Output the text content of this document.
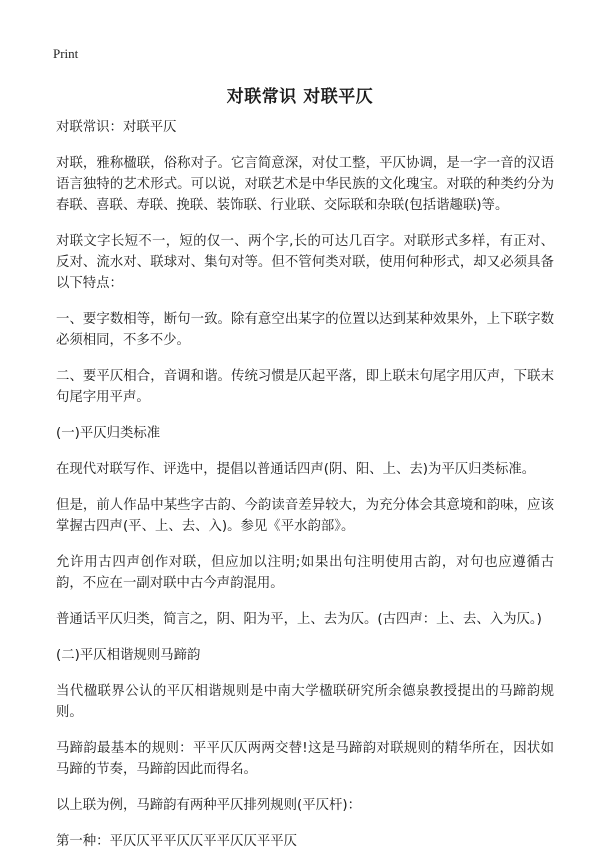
Print
对联常识 对联平仄

对联常识：对联平仄

对联，雅称楹联，俗称对子。它言简意深，对仗工整，平仄协调，是一字一音的汉语语言独特的艺术形式。可以说，对联艺术是中华民族的文化瑰宝。对联的种类约分为春联、喜联、寿联、挽联、装饰联、行业联、交际联和杂联(包括谐趣联)等。

对联文字长短不一，短的仅一、两个字,长的可达几百字。对联形式多样，有正对、反对、流水对、联球对、集句对等。但不管何类对联，使用何种形式，却又必须具备以下特点：

一、要字数相等，断句一致。除有意空出某字的位置以达到某种效果外，上下联字数必须相同，不多不少。

二、要平仄相合，音调和谐。传统习惯是仄起平落，即上联末句尾字用仄声，下联末句尾字用平声。

(一)平仄归类标准

在现代对联写作、评选中，提倡以普通话四声(阴、阳、上、去)为平仄归类标准。

但是，前人作品中某些字古韵、今韵读音差异较大，为充分体会其意境和韵味，应该掌握古四声(平、上、去、入)。参见《平水韵部》。

允许用古四声创作对联，但应加以注明;如果出句注明使用古韵，对句也应遵循古韵，不应在一副对联中古今声韵混用。

普通话平仄归类，简言之，阴、阳为平，上、去为仄。(古四声：上、去、入为仄。)

(二)平仄相谐规则马蹄韵

当代楹联界公认的平仄相谐规则是中南大学楹联研究所余德泉教授提出的马蹄韵规则。

马蹄韵最基本的规则：平平仄仄两两交替!这是马蹄韵对联规则的精华所在，因状如马蹄的节奏，马蹄韵因此而得名。

以上联为例，马蹄韵有两种平仄排列规则(平仄杆)：

第一种：平仄仄平平仄仄平平仄仄平平仄
